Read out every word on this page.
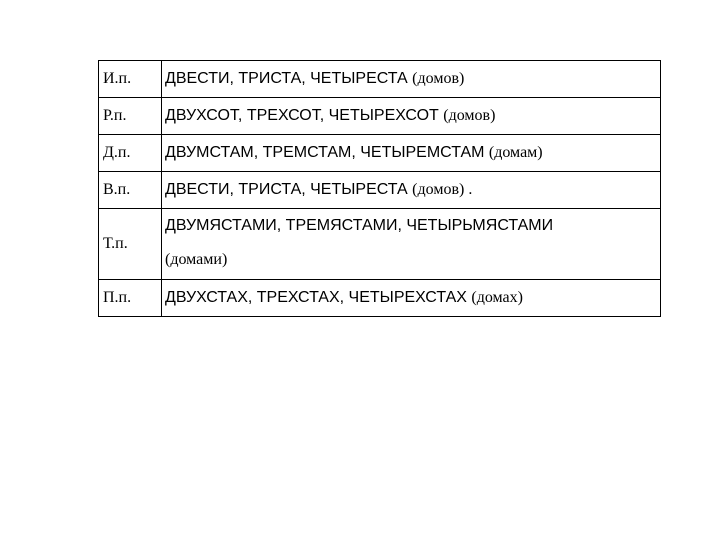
И.п.	ДВЕСТИ, ТРИСТА, ЧЕТЫРЕСТА (домов)
Р.п.	ДВУХСОТ, ТРЕХСОТ, ЧЕТЫРЕХСОТ (домов)
Д.п.	ДВУМСТАМ, ТРЕМСТАМ, ЧЕТЫРЕМСТАМ (домам)
В.п.	ДВЕСТИ, ТРИСТА, ЧЕТЫРЕСТА (домов) .
Т.п.	ДВУМЯСТАМИ, ТРЕМЯСТАМИ, ЧЕТЫРЬМЯСТАМИ
(домами)
П.п.	ДВУХСТАХ, ТРЕХСТАХ, ЧЕТЫРЕХСТАХ (домах)
